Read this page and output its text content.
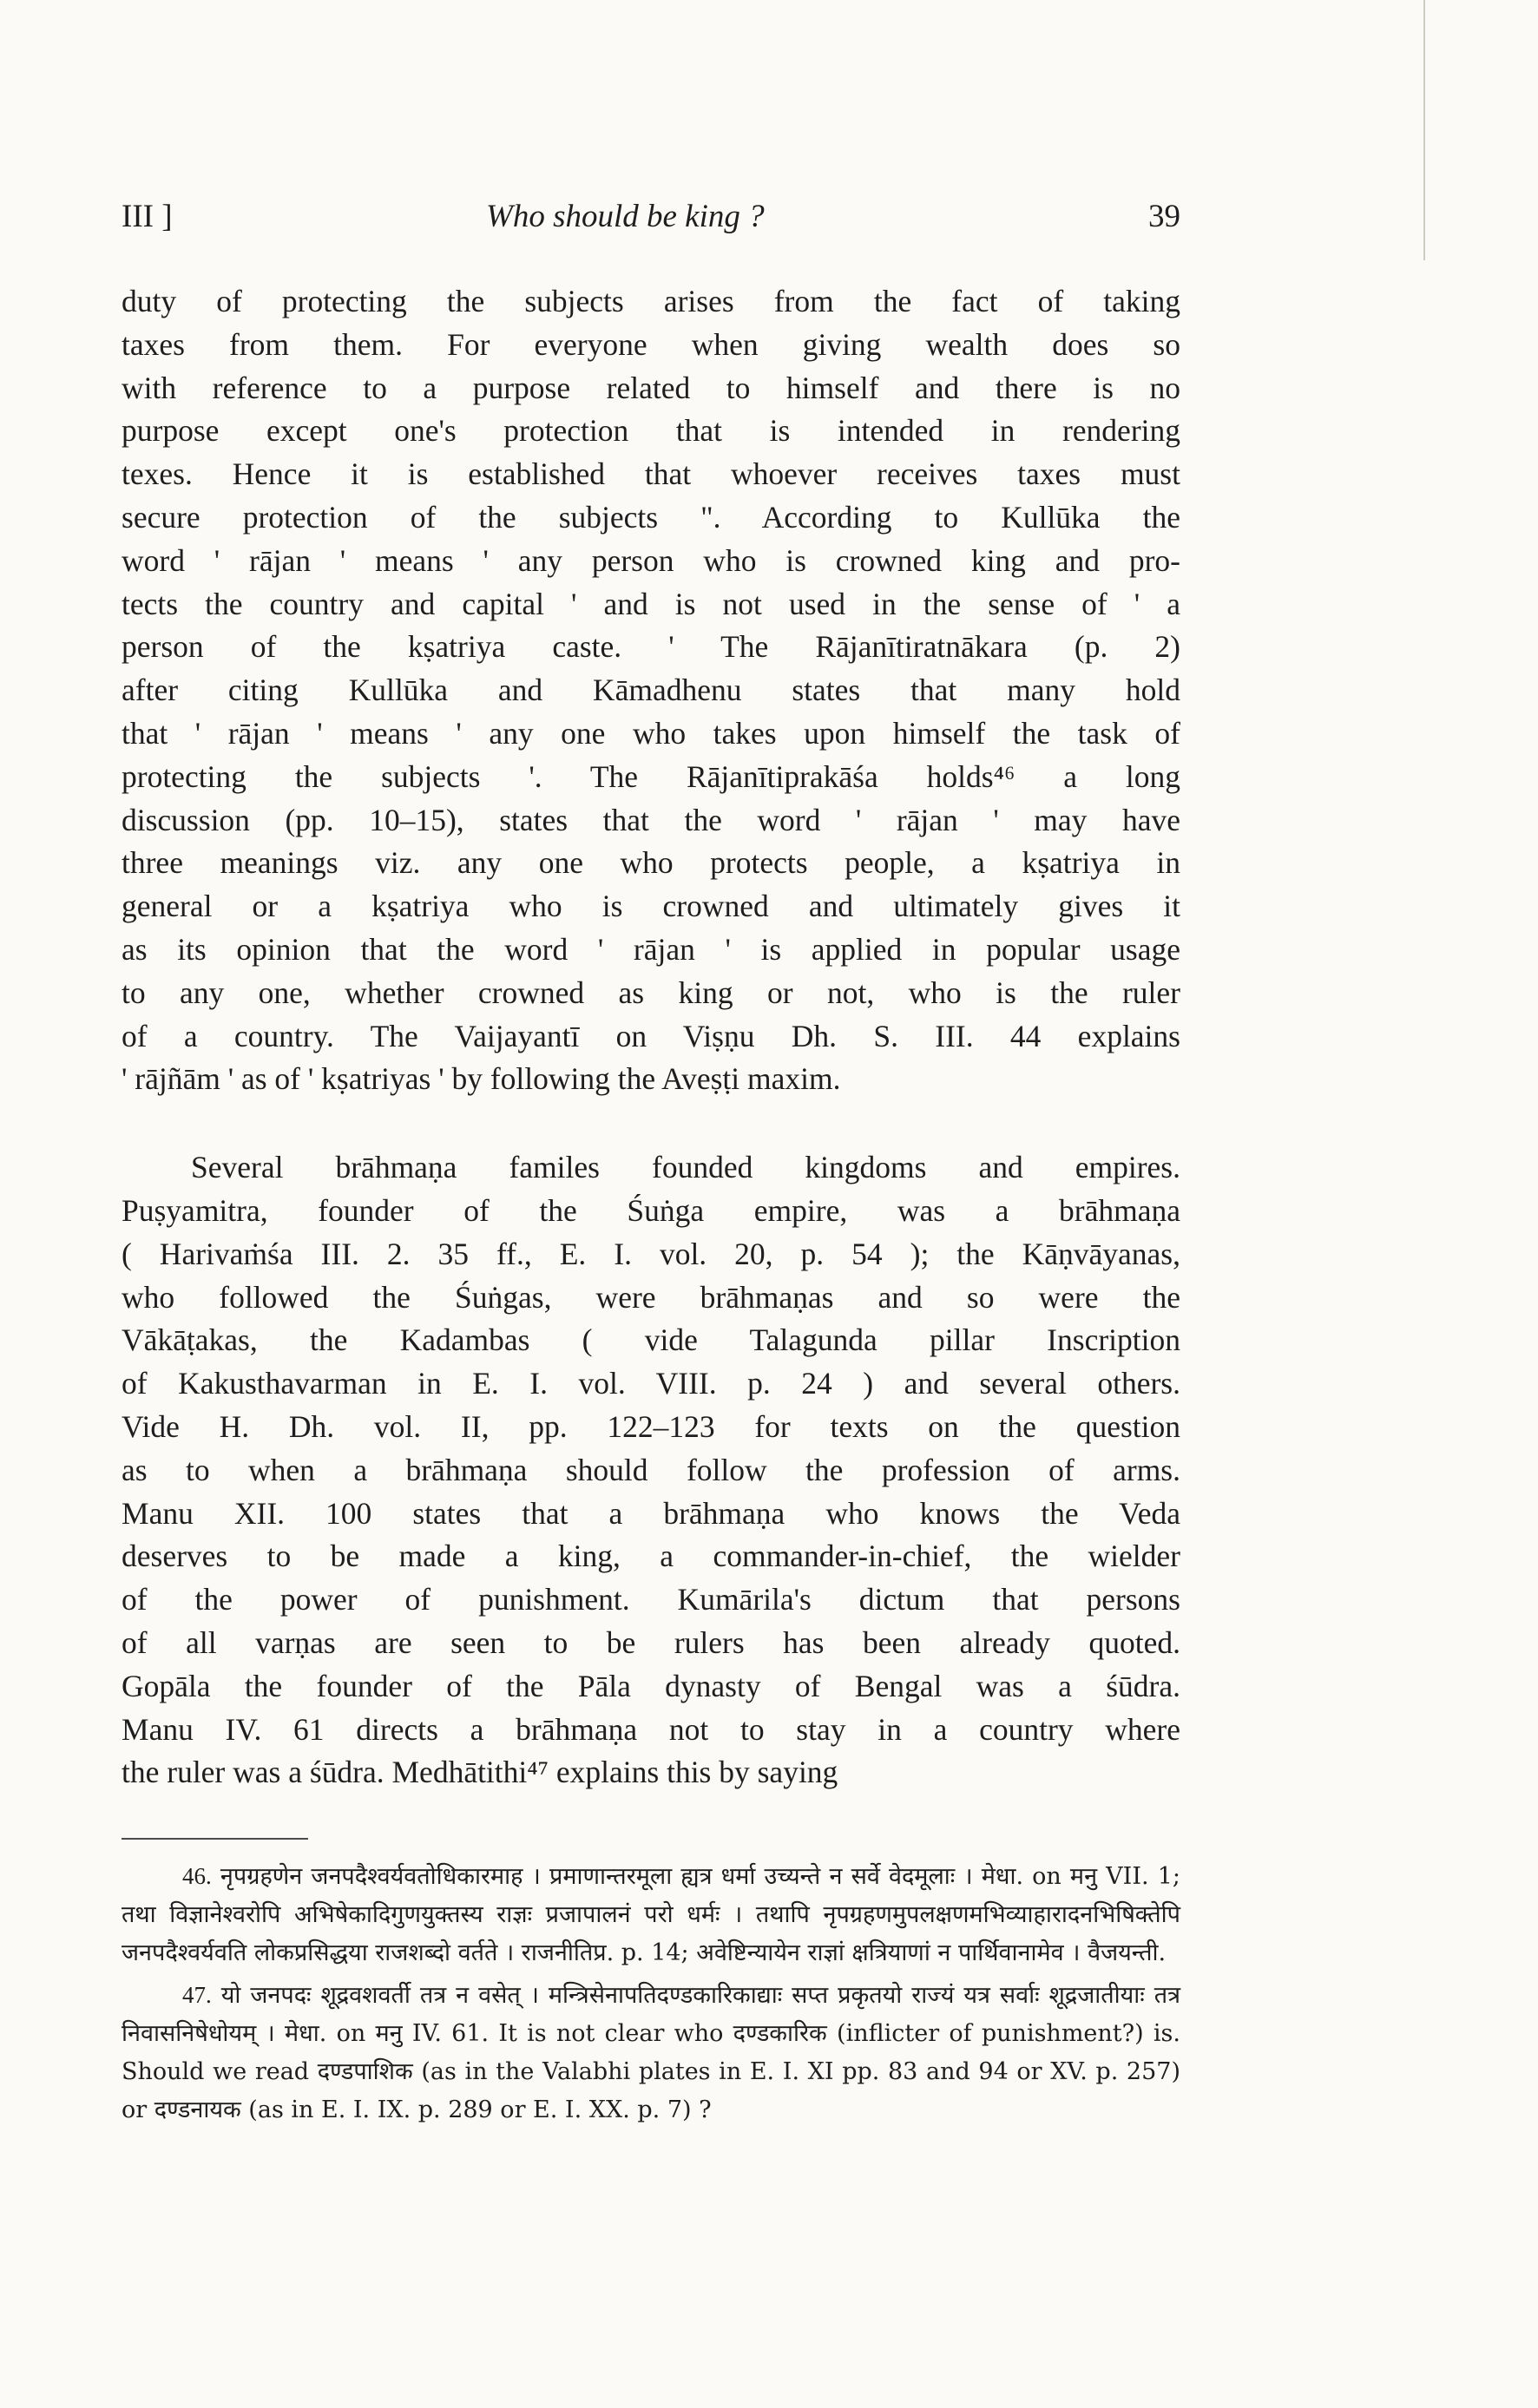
III ]	Who should be king ?	39

duty of protecting the subjects arises from the fact of taking

taxes from them. For everyone when giving wealth does so

with reference to a purpose related to himself and there is no

purpose except one's protection that is intended in rendering

texes. Hence it is established that whoever receives taxes must

secure protection of the subjects ". According to Kullūka the

word ' rājan ' means ' any person who is crowned king and pro-

tects the country and capital ' and is not used in the sense of ' a

person of the kṣatriya caste. ' The Rājanītiratnākara (p. 2)

after citing Kullūka and Kāmadhenu states that many hold

that ' rājan ' means ' any one who takes upon himself the task of

protecting the subjects '. The Rājanītiprakāśa holds⁴⁶ a long

discussion (pp. 10–15), states that the word ' rājan ' may have

three meanings viz. any one who protects people, a kṣatriya in

general or a kṣatriya who is crowned and ultimately gives it

as its opinion that the word ' rājan ' is applied in popular usage

to any one, whether crowned as king or not, who is the ruler

of a country. The Vaijayantī on Viṣṇu Dh. S. III. 44 explains

' rājñām ' as of ' kṣatriyas ' by following the Aveṣṭi maxim.

Several brāhmaṇa familes founded kingdoms and empires.

Puṣyamitra, founder of the Śuṅga empire, was a brāhmaṇa

( Harivaṁśa III. 2. 35 ff., E. I. vol. 20, p. 54 ); the Kāṇvāyanas,

who followed the Śuṅgas, were brāhmaṇas and so were the

Vākāṭakas, the Kadambas ( vide Talagunda pillar Inscription

of Kakusthavarman in E. I. vol. VIII. p. 24 ) and several others.

Vide H. Dh. vol. II, pp. 122–123 for texts on the question

as to when a brāhmaṇa should follow the profession of arms.

Manu XII. 100 states that a brāhmaṇa who knows the Veda

deserves to be made a king, a commander-in-chief, the wielder

of the power of punishment. Kumārila's dictum that persons

of all varṇas are seen to be rulers has been already quoted.

Gopāla the founder of the Pāla dynasty of Bengal was a śūdra.

Manu IV. 61 directs a brāhmaṇa not to stay in a country where

the ruler was a śūdra. Medhātithi⁴⁷ explains this by saying

46. नृपग्रहणेन जनपदैश्वर्यवतोधिकारमाह । प्रमाणान्तरमूला ह्यत्र धर्मा उच्यन्ते न सर्वे वेदमूलाः । मेधा. on मनु VII. 1; तथा विज्ञानेश्वरोपि अभिषेकादिगुणयुक्तस्य राज्ञः प्रजापालनं परो धर्मः । तथापि नृपग्रहणमुपलक्षणमभिव्याहारादनभिषिक्तेपि जनपदैश्वर्यवति लोकप्रसिद्धया राजशब्दो वर्तते । राजनीतिप्र. p. 14; अवेष्टिन्यायेन राज्ञां क्षत्रियाणां न पार्थिवानामेव । वैजयन्ती.

47. यो जनपदः शूद्रवशवर्ती तत्र न वसेत् । मन्त्रिसेनापतिदण्डकारिकाद्याः सप्त प्रकृतयो राज्यं यत्र सर्वाः शूद्रजातीयाः तत्र निवासनिषेधोयम् । मेधा. on मनु IV. 61. It is not clear who दण्डकारिक (inflicter of punishment?) is. Should we read दण्डपाशिक (as in the Valabhi plates in E. I. XI pp. 83 and 94 or XV. p. 257) or दण्डनायक (as in E. I. IX. p. 289 or E. I. XX. p. 7) ?
